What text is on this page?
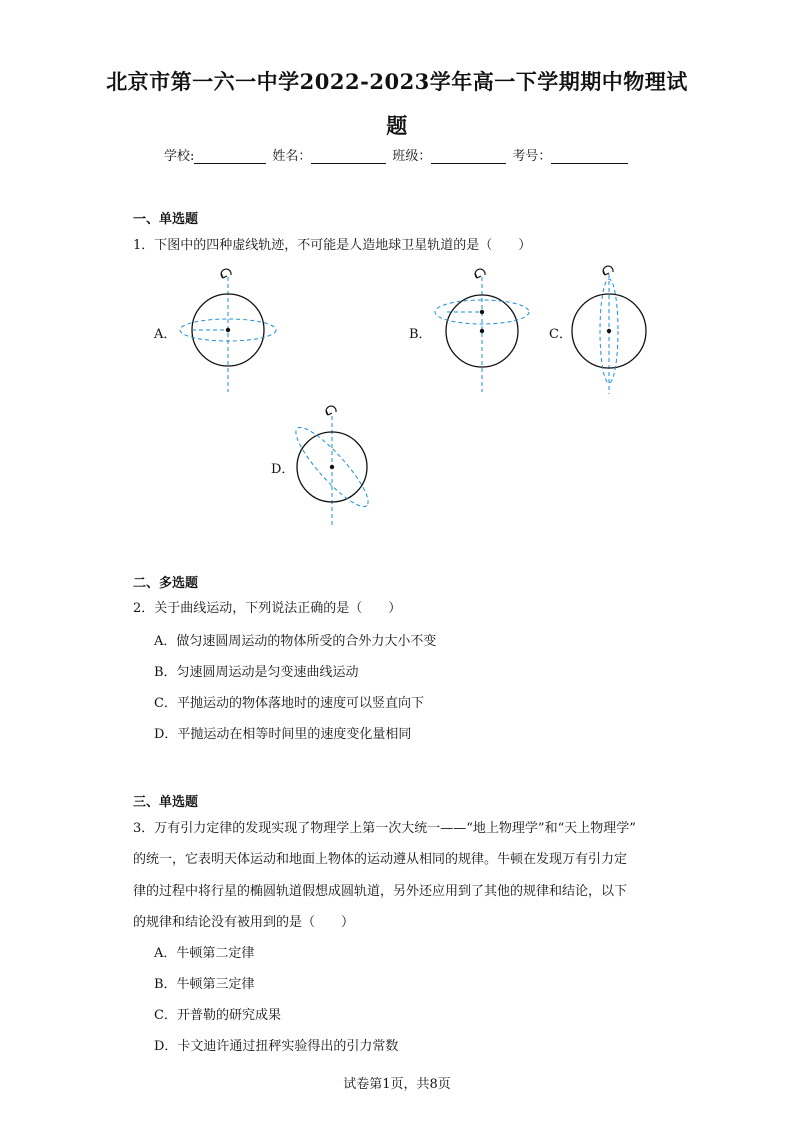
北京市第一六一中学2022-2023学年高一下学期期中物理试
题
学校:	姓名：	班级：	考号：
一、单选题
1．下图中的四种虚线轨迹，不可能是人造地球卫星轨道的是（　　）
A．	B．	C．
D．
二、多选题
2．关于曲线运动，下列说法正确的是（　　）
A．做匀速圆周运动的物体所受的合外力大小不变
B．匀速圆周运动是匀变速曲线运动
C．平抛运动的物体落地时的速度可以竖直向下
D．平抛运动在相等时间里的速度变化量相同
三、单选题
3．万有引力定律的发现实现了物理学上第一次大统一——“地上物理学”和“天上物理学”
的统一，它表明天体运动和地面上物体的运动遵从相同的规律。牛顿在发现万有引力定
律的过程中将行星的椭圆轨道假想成圆轨道，另外还应用到了其他的规律和结论，以下
的规律和结论没有被用到的是（　　）
A．牛顿第二定律
B．牛顿第三定律
C．开普勒的研究成果
D．卡文迪许通过扭秤实验得出的引力常数
试卷第1页，共8页
